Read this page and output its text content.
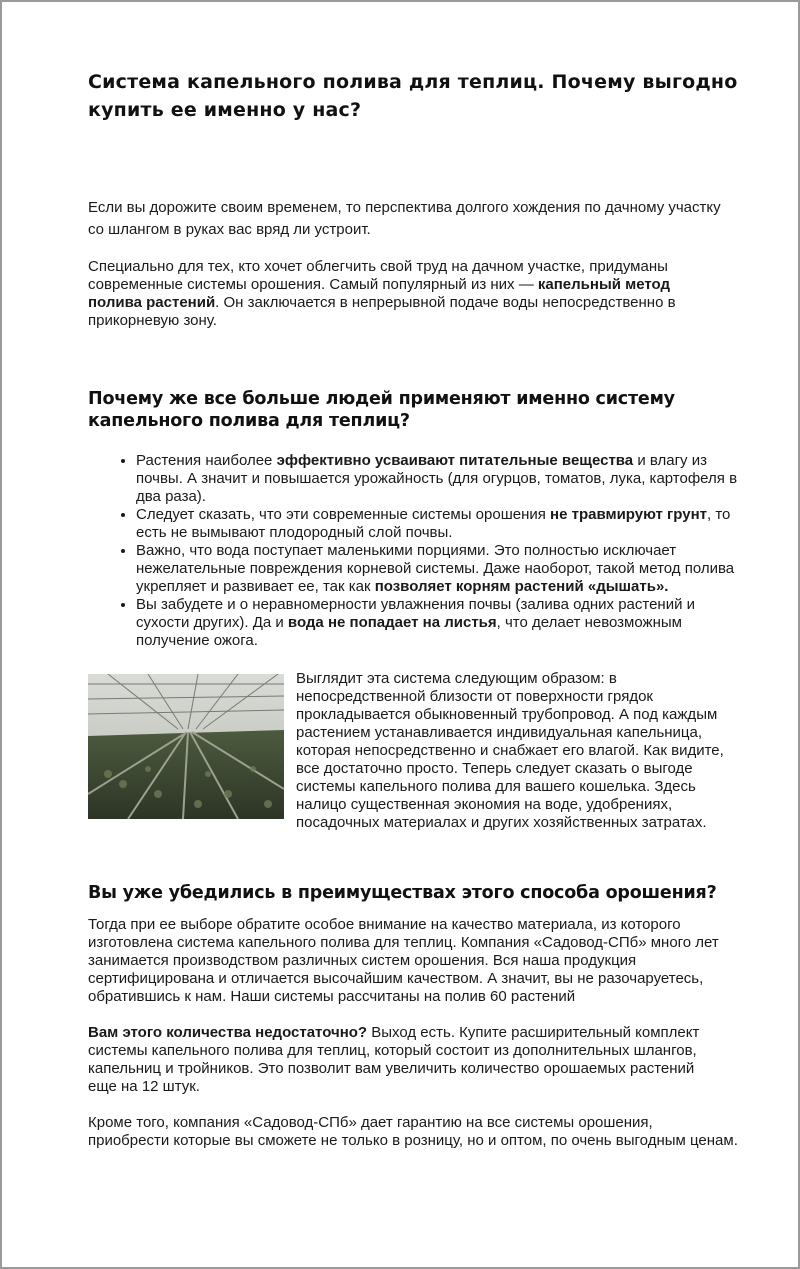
Система капельного полива для теплиц. Почему выгодно купить ее именно у нас?

Если вы дорожите своим временем, то перспектива долгого хождения по дачному участку со шлангом в руках вас вряд ли устроит.

Специально для тех, кто хочет облегчить свой труд на дачном участке, придуманы современные системы орошения. Самый популярный из них — капельный метод полива растений. Он заключается в непрерывной подаче воды непосредственно в прикорневую зону.

Почему же все больше людей применяют именно систему капельного полива для теплиц?
• Растения наиболее эффективно усваивают питательные вещества и влагу из почвы. А значит и повышается урожайность (для огурцов, томатов, лука, картофеля в два раза).
• Следует сказать, что эти современные системы орошения не травмируют грунт, то есть не вымывают плодородный слой почвы.
• Важно, что вода поступает маленькими порциями. Это полностью исключает нежелательные повреждения корневой системы. Даже наоборот, такой метод полива укрепляет и развивает ее, так как позволяет корням растений «дышать».
• Вы забудете и о неравномерности увлажнения почвы (залива одних растений и сухости других). Да и вода не попадает на листья, что делает невозможным получение ожога.

Выглядит эта система следующим образом: в непосредственной близости от поверхности грядок прокладывается обыкновенный трубопровод. А под каждым растением устанавливается индивидуальная капельница, которая непосредственно и снабжает его влагой. Как видите, все достаточно просто. Теперь следует сказать о выгоде системы капельного полива для вашего кошелька. Здесь налицо существенная экономия на воде, удобрениях, посадочных материалах и других хозяйственных затратах.

Вы уже убедились в преимуществах этого способа орошения?

Тогда при ее выборе обратите особое внимание на качество материала, из которого изготовлена система капельного полива для теплиц. Компания «Садовод-СПб» много лет занимается производством различных систем орошения. Вся наша продукция сертифицирована и отличается высочайшим качеством. А значит, вы не разочаруетесь, обратившись к нам. Наши системы рассчитаны на полив 60 растений

Вам этого количества недостаточно? Выход есть. Купите расширительный комплект системы капельного полива для теплиц, который состоит из дополнительных шлангов, капельниц и тройников. Это позволит вам увеличить количество орошаемых растений еще на 12 штук.

Кроме того, компания «Садовод-СПб» дает гарантию на все системы орошения, приобрести которые вы сможете не только в розницу, но и оптом, по очень выгодным ценам.
